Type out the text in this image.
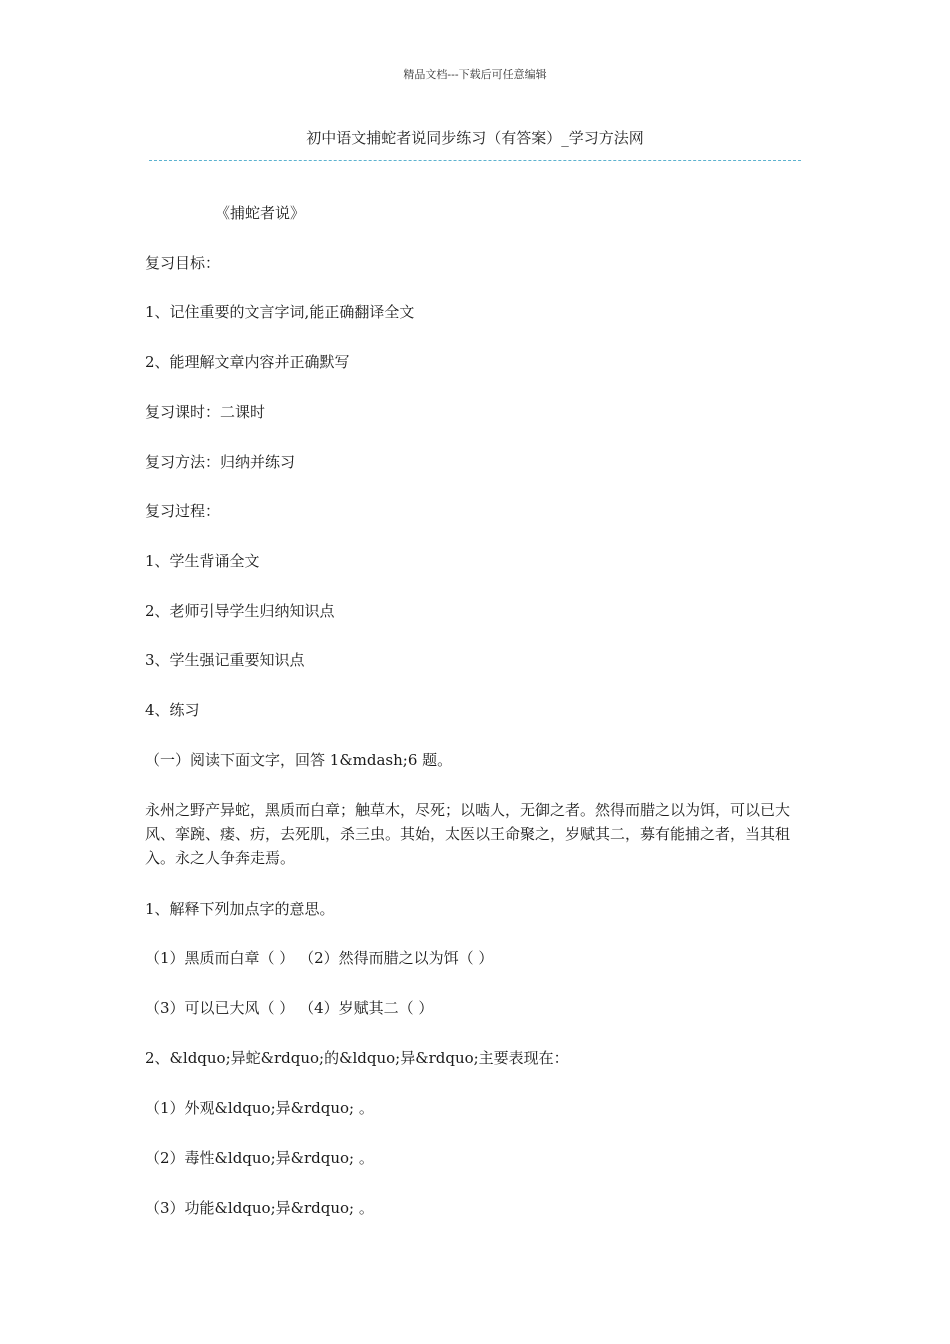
精品文档---下载后可任意编辑
初中语文捕蛇者说同步练习（有答案）_学习方法网
《捕蛇者说》
复习目标：
1、记住重要的文言字词,能正确翻译全文
2、能理解文章内容并正确默写
复习课时：二课时
复习方法：归纳并练习
复习过程：
1、学生背诵全文
2、老师引导学生归纳知识点
3、学生强记重要知识点
4、练习
（一）阅读下面文字，回答 1&mdash;6 题。
永州之野产异蛇，黑质而白章；触草木，尽死；以啮人，无御之者。然得而腊之以为饵，可以已大风、挛踠、瘘、疠，去死肌，杀三虫。其始，太医以王命聚之，岁赋其二，募有能捕之者，当其租入。永之人争奔走焉。
1、解释下列加点字的意思。
（1）黑质而白章（ ） （2）然得而腊之以为饵（ ）
（3）可以已大风（ ） （4）岁赋其二（ ）
2、&ldquo;异蛇&rdquo;的&ldquo;异&rdquo;主要表现在：
（1）外观&ldquo;异&rdquo; 。
（2）毒性&ldquo;异&rdquo; 。
（3）功能&ldquo;异&rdquo; 。
